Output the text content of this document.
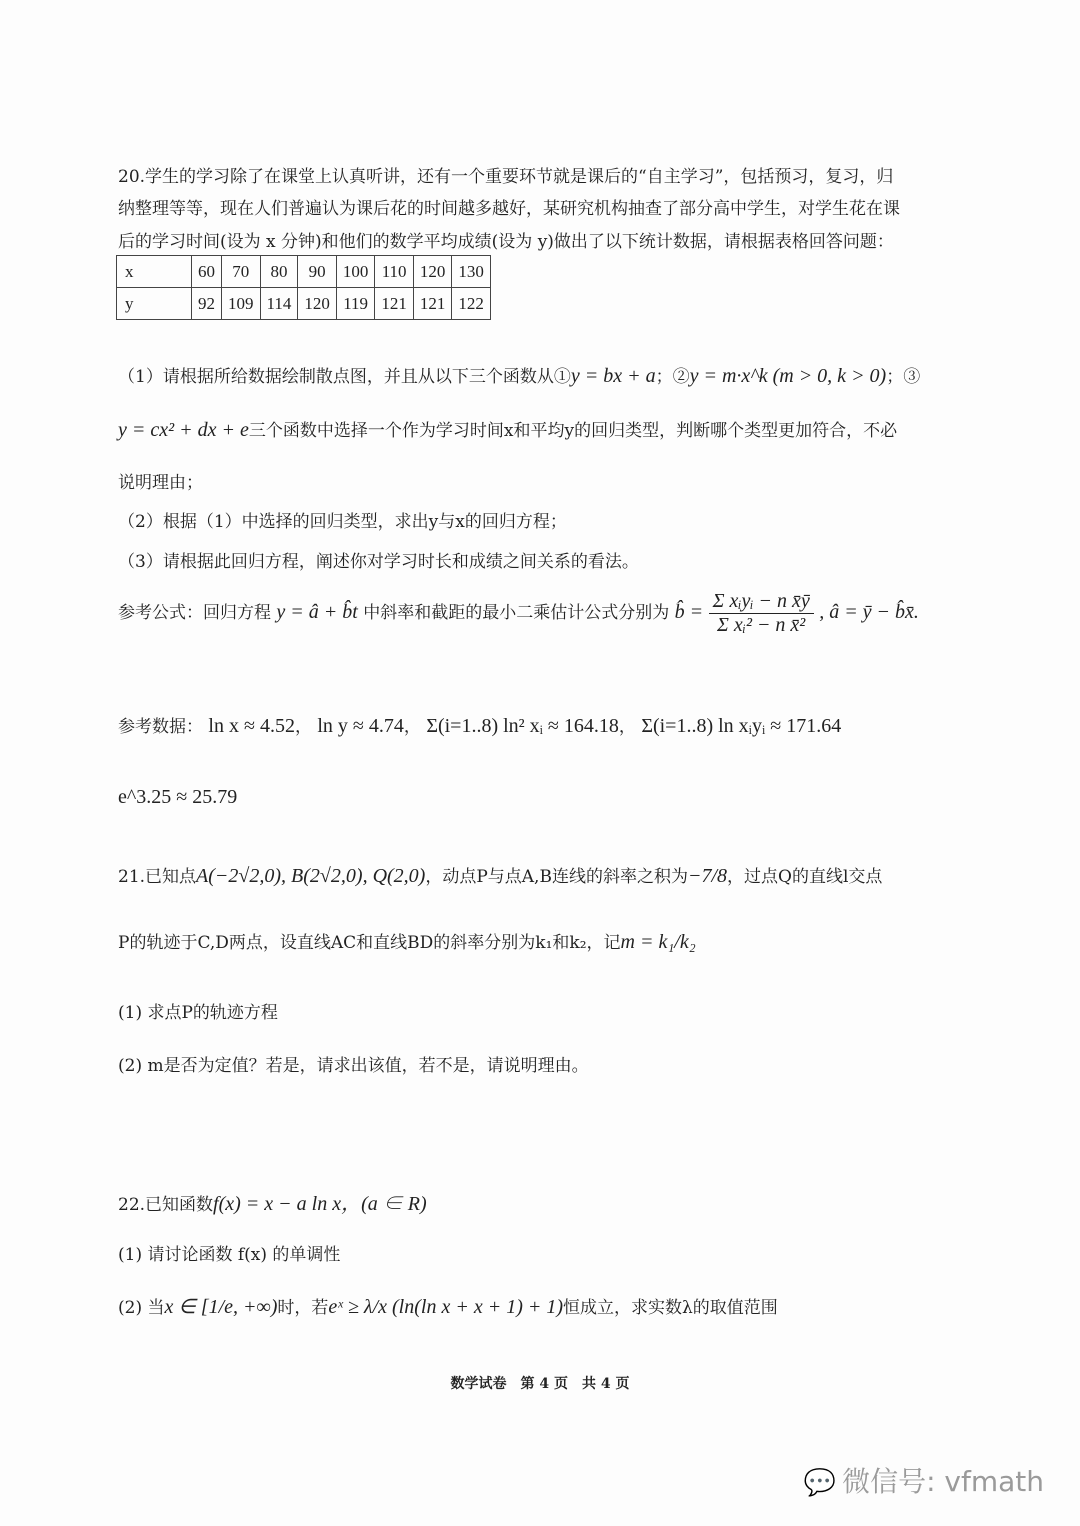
20.学生的学习除了在课堂上认真听讲，还有一个重要环节就是课后的“自主学习”，包括预习，复习，归
纳整理等等，现在人们普遍认为课后花的时间越多越好，某研究机构抽查了部分高中学生，对学生花在课
后的学习时间(设为 x 分钟)和他们的数学平均成绩(设为 y)做出了以下统计数据，请根据表格回答问题：
x	60	70	80	90	100	110	120	130
y	92	109	114	120	119	121	121	122
（1）请根据所给数据绘制散点图，并且从以下三个函数从①y = bx + a；②y = m·x^k (m > 0, k > 0)；③
y = cx² + dx + e三个函数中选择一个作为学习时间x和平均y的回归类型，判断哪个类型更加符合，不必
说明理由；
（2）根据（1）中选择的回归类型，求出y与x的回归方程；
（3）请根据此回归方程，阐述你对学习时长和成绩之间关系的看法。
参考公式：回归方程 y = â + b̂t 中斜率和截距的最小二乘估计公式分别为 b̂ = $\frac{\text{Σ xᵢyᵢ − n x̄ȳ}}{\text{Σ xᵢ² − n x̄²}}$ , â = ȳ − b̂x̄.
参考数据： ln x ≈ 4.52， ln y ≈ 4.74， Σ(i=1..8) ln² xᵢ ≈ 164.18， Σ(i=1..8) ln xᵢyᵢ ≈ 171.64
e^3.25 ≈ 25.79
21.已知点A(−2√2,0), B(2√2,0), Q(2,0)，动点P与点A,B连线的斜率之积为−7/8，过点Q的直线l交点
P的轨迹于C,D两点，设直线AC和直线BD的斜率分别为k₁和k₂，记m = k₁/k₂
(1) 求点P的轨迹方程
(2) m是否为定值？若是，请求出该值，若不是，请说明理由。
22.已知函数f(x) = x − a ln x，(a ∈ R)
(1) 请讨论函数 f(x) 的单调性
(2) 当x ∈ [1/e, +∞)时，若eˣ ≥ λ/x (ln(ln x + x + 1) + 1)恒成立，求实数λ的取值范围
数学试卷　第 4 页　共 4 页
💬 微信号: vfmath
